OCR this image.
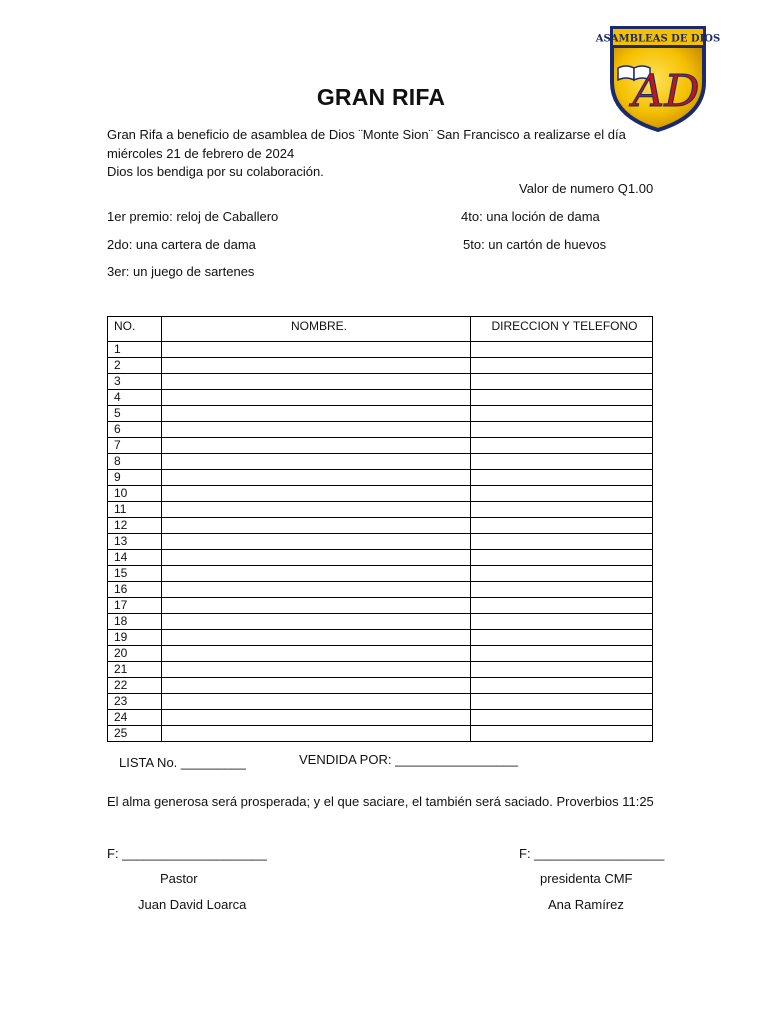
ASAMBLEAS DE DIOS
AD
GRAN RIFA
Gran Rifa a beneficio de asamblea de Dios ¨Monte Sion¨ San Francisco a realizarse el día
miércoles 21 de febrero de 2024
Dios los bendiga por su colaboración.
Valor de numero Q1.00
1er premio: reloj de Caballero	4to: una loción de dama
2do: una cartera de dama	5to: un cartón de huevos
3er: un juego de sartenes
NO.	NOMBRE.	DIRECCION Y TELEFONO
1		
2		
3		
4		
5		
6		
7		
8		
9		
10		
11		
12		
13		
14		
15		
16		
17		
18		
19		
20		
21		
22		
23		
24		
25		
LISTA No. _________	VENDIDA POR: _________________
El alma generosa será prosperada; y el que saciare, el también será saciado. Proverbios 11:25
F: ____________________
Pastor
Juan David Loarca
F: __________________
presidenta CMF
Ana Ramírez
